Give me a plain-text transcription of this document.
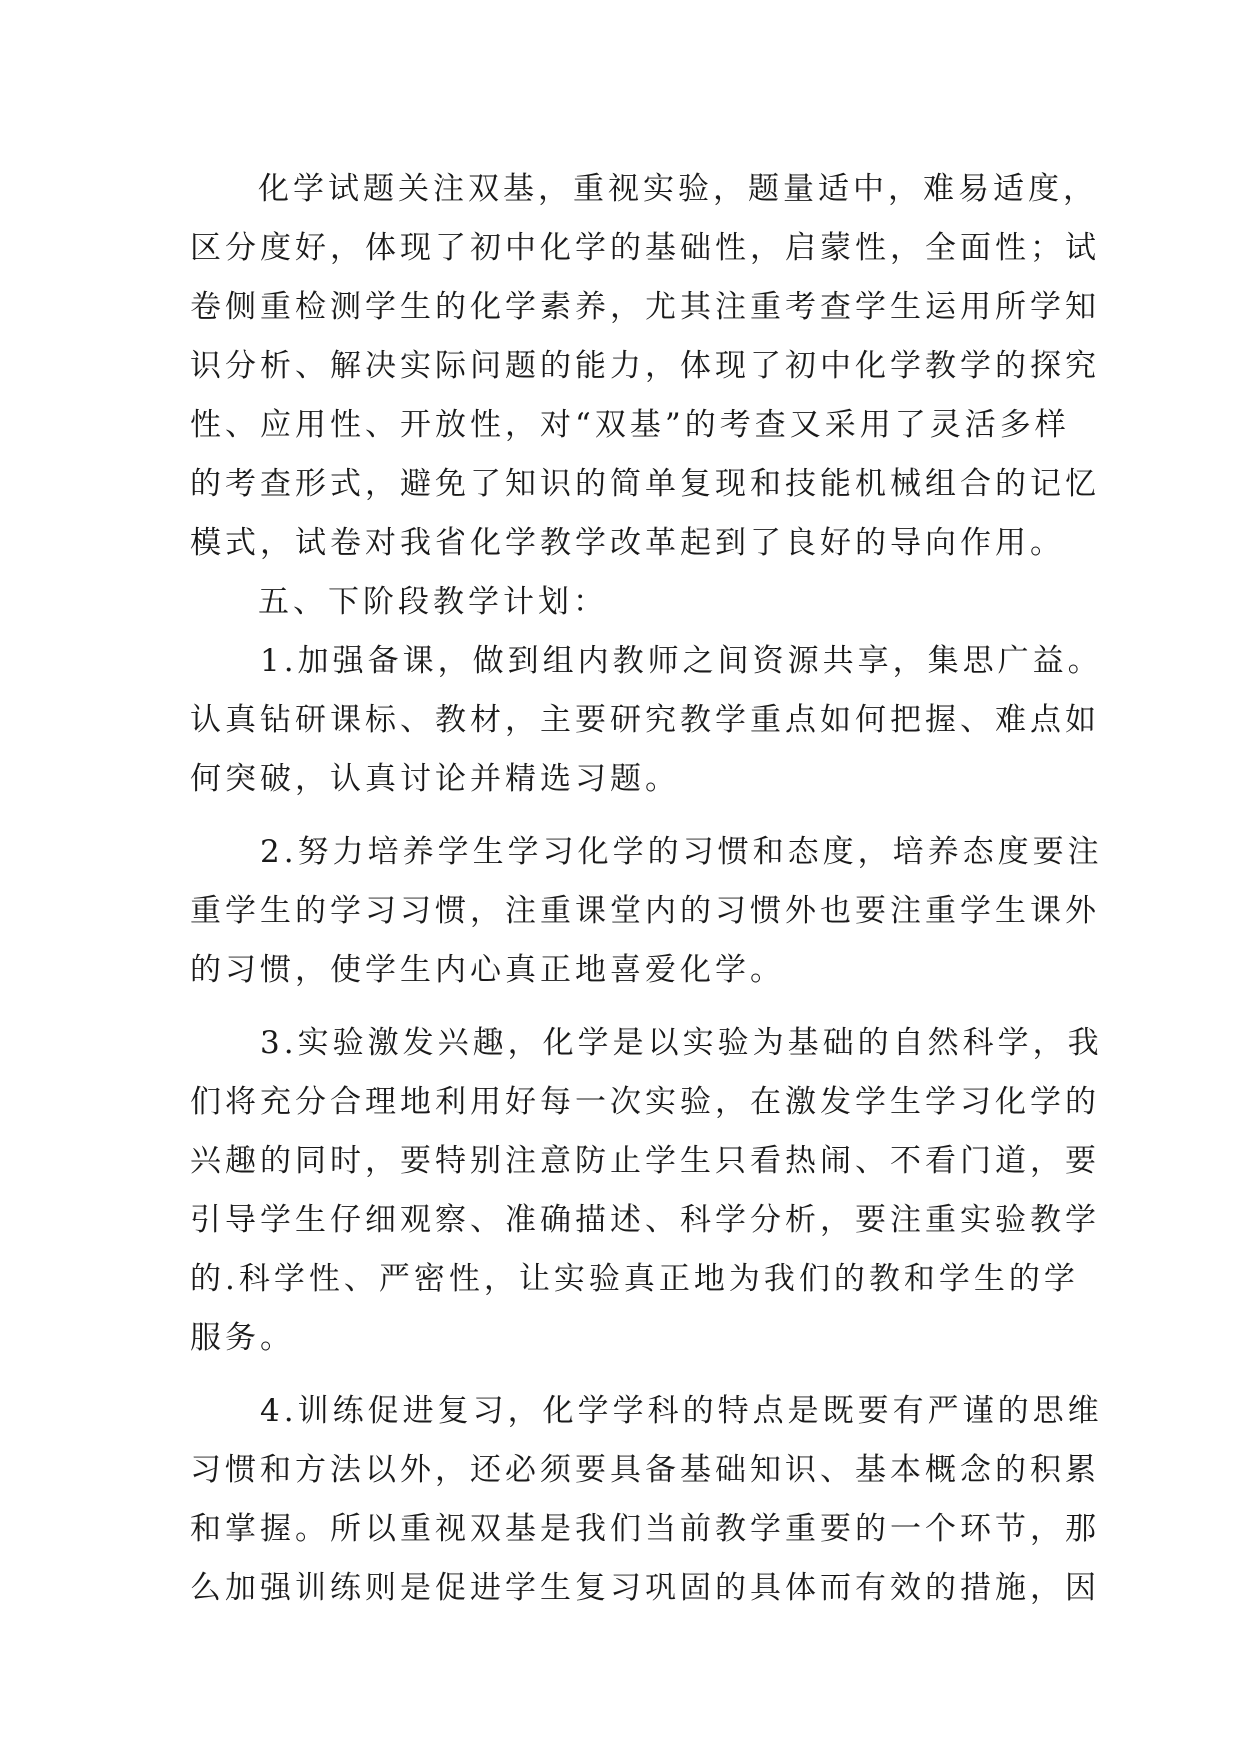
化学试题关注双基，重视实验，题量适中，难易适度，
区分度好，体现了初中化学的基础性，启蒙性，全面性；试
卷侧重检测学生的化学素养，尤其注重考查学生运用所学知
识分析、解决实际问题的能力，体现了初中化学教学的探究
性、应用性、开放性，对“双基”的考查又采用了灵活多样
的考查形式，避免了知识的简单复现和技能机械组合的记忆
模式，试卷对我省化学教学改革起到了良好的导向作用。
五、下阶段教学计划：
1.加强备课，做到组内教师之间资源共享，集思广益。
认真钻研课标、教材，主要研究教学重点如何把握、难点如
何突破，认真讨论并精选习题。
2.努力培养学生学习化学的习惯和态度，培养态度要注
重学生的学习习惯，注重课堂内的习惯外也要注重学生课外
的习惯，使学生内心真正地喜爱化学。
3.实验激发兴趣，化学是以实验为基础的自然科学，我
们将充分合理地利用好每一次实验，在激发学生学习化学的
兴趣的同时，要特别注意防止学生只看热闹、不看门道，要
引导学生仔细观察、准确描述、科学分析，要注重实验教学
的.科学性、严密性，让实验真正地为我们的教和学生的学
服务。
4.训练促进复习，化学学科的特点是既要有严谨的思维
习惯和方法以外，还必须要具备基础知识、基本概念的积累
和掌握。所以重视双基是我们当前教学重要的一个环节，那
么加强训练则是促进学生复习巩固的具体而有效的措施，因
